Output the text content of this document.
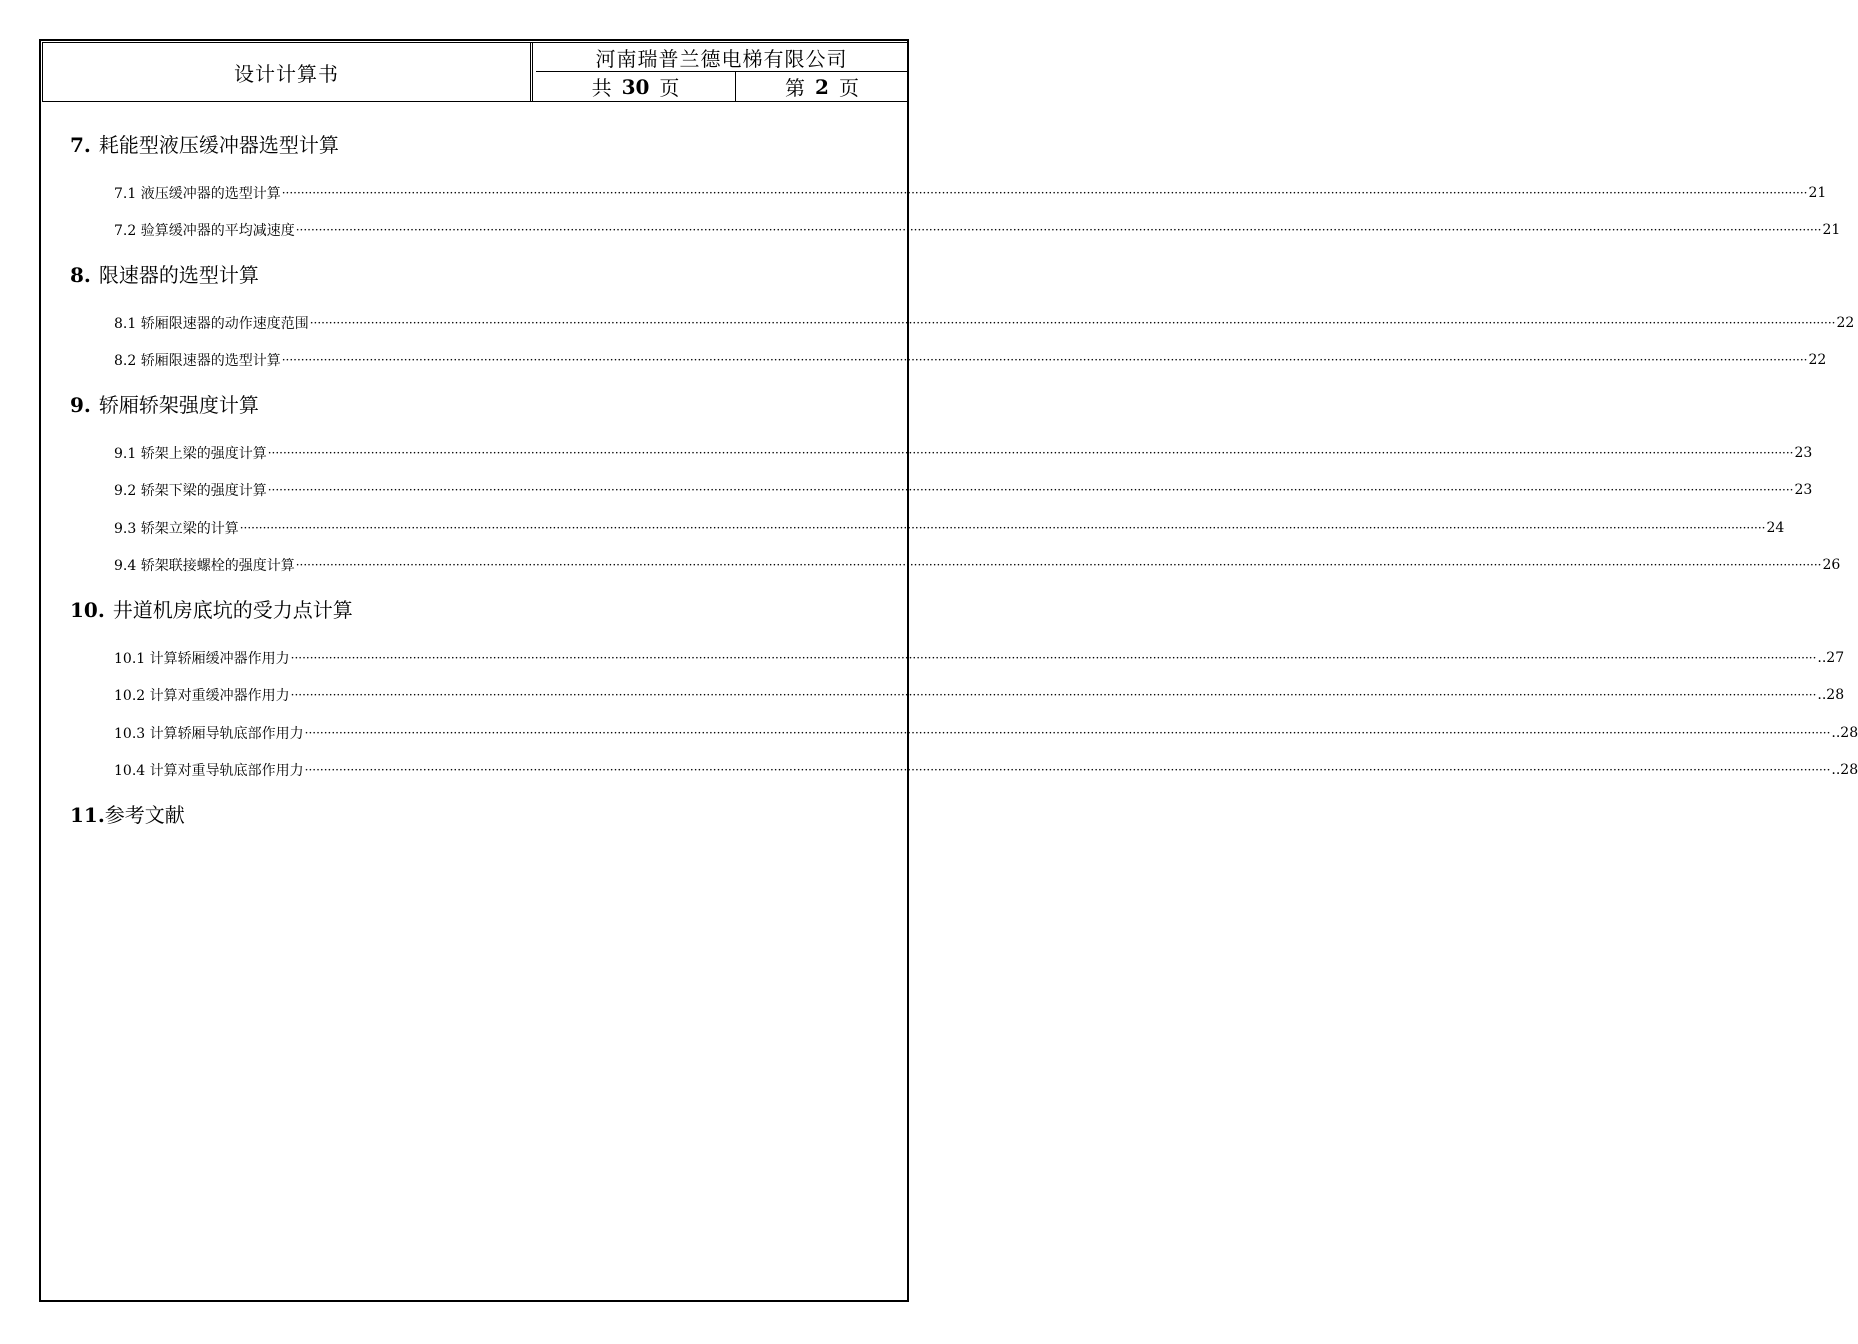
设计计算书
河南瑞普兰德电梯有限公司
共 30 页	第 2 页
7. 耗能型液压缓冲器选型计算
7.1 液压缓冲器的选型计算 ················································································································································································································································································································································································································ 21
7.2 验算缓冲器的平均减速度 ················································································································································································································································································································································································································ 21
8. 限速器的选型计算
8.1 轿厢限速器的动作速度范围 ················································································································································································································································································································································································································ 22
8.2 轿厢限速器的选型计算 ················································································································································································································································································································································································································ 22
9. 轿厢轿架强度计算
9.1 轿架上梁的强度计算 ················································································································································································································································································································································································································ 23
9.2 轿架下梁的强度计算 ················································································································································································································································································································································································································ 23
9.3 轿架立梁的计算 ················································································································································································································································································································································································································ 24
9.4 轿架联接螺栓的强度计算 ················································································································································································································································································································································································································ 26
10. 井道机房底坑的受力点计算
10.1 计算轿厢缓冲器作用力 ················································································································································································································································································································································································································ ..27
10.2 计算对重缓冲器作用力 ················································································································································································································································································································································································································ ..28
10.3 计算轿厢导轨底部作用力 ················································································································································································································································································································································································································ ..28
10.4 计算对重导轨底部作用力 ················································································································································································································································································································································································································ ..28
11.参考文献
